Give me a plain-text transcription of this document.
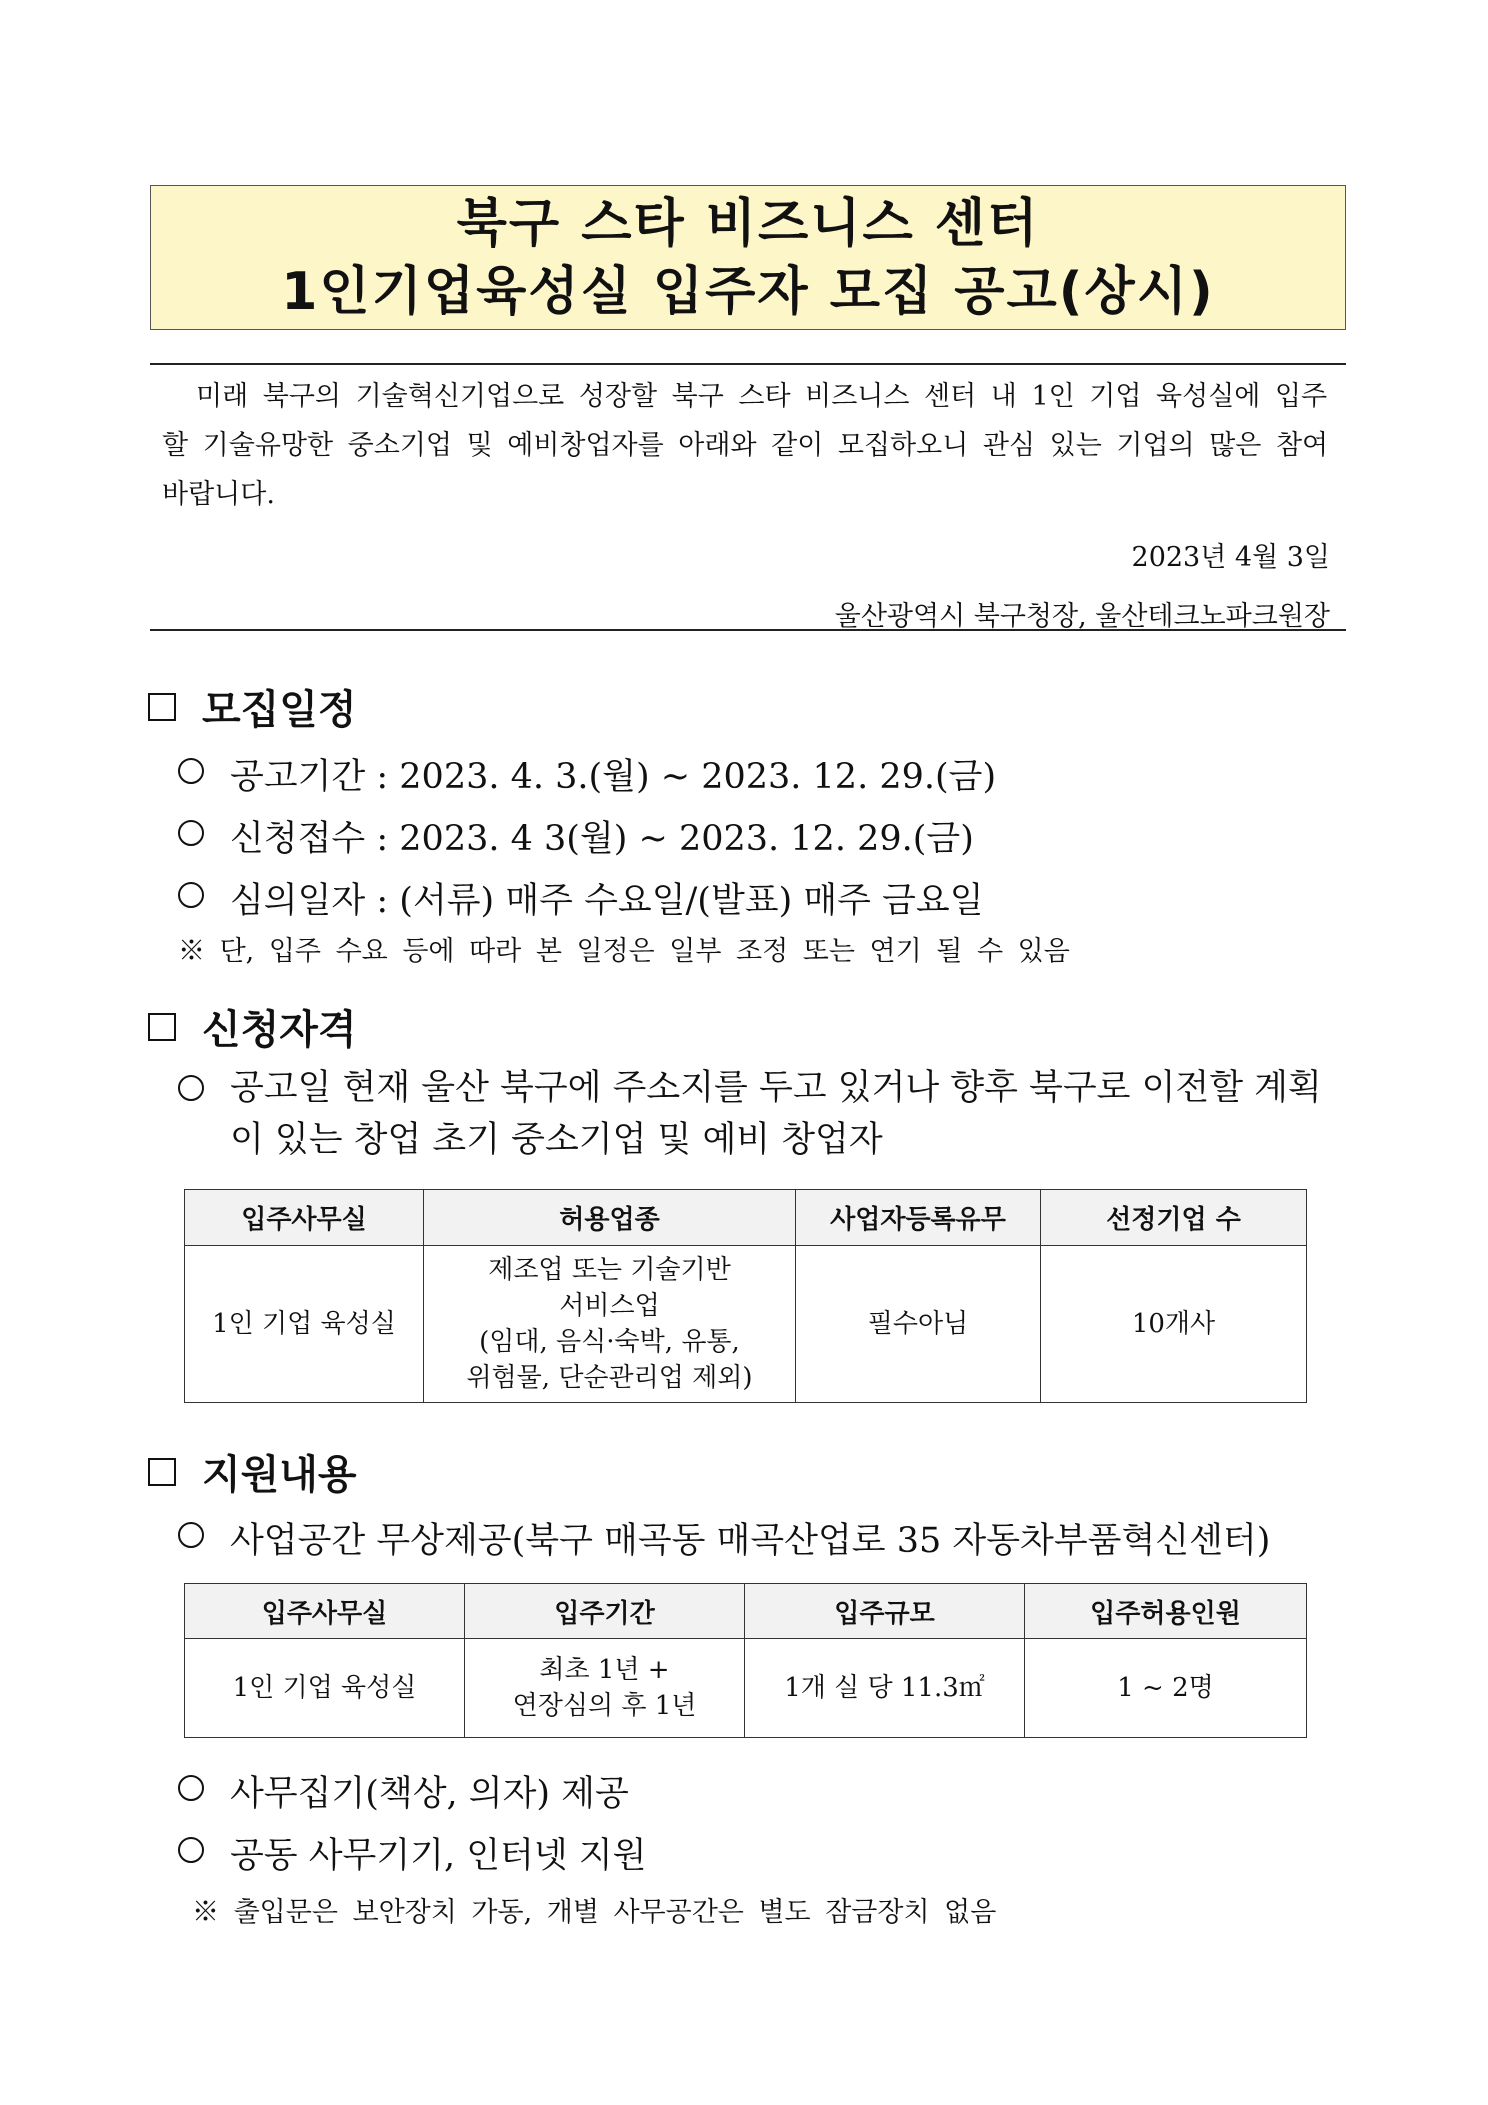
북구 스타 비즈니스 센터
1인기업육성실 입주자 모집 공고(상시)
미래 북구의 기술혁신기업으로 성장할 북구 스타 비즈니스 센터 내 1인 기업 육성실에 입주할 기술유망한 중소기업 및 예비창업자를 아래와 같이 모집하오니 관심 있는 기업의 많은 참여 바랍니다.
2023년 4월 3일
울산광역시 북구청장, 울산테크노파크원장
모집일정
공고기간 : 2023. 4. 3.(월) ~ 2023. 12. 29.(금)
신청접수 : 2023. 4 3(월) ~ 2023. 12. 29.(금)
심의일자 : (서류) 매주 수요일/(발표) 매주 금요일
※ 단, 입주 수요 등에 따라 본 일정은 일부 조정 또는 연기 될 수 있음
신청자격
공고일 현재 울산 북구에 주소지를 두고 있거나 향후 북구로 이전할 계획이 있는 창업 초기 중소기업 및 예비 창업자
입주사무실	허용업종	사업자등록유무	선정기업 수
1인 기업 육성실	제조업 또는 기술기반
서비스업
(임대, 음식·숙박, 유통,
위험물, 단순관리업 제외)	필수아님	10개사
지원내용
사업공간 무상제공(북구 매곡동 매곡산업로 35 자동차부품혁신센터)
입주사무실	입주기간	입주규모	입주허용인원
1인 기업 육성실	최초 1년 +
연장심의 후 1년	1개 실 당 11.3㎡	1 ~ 2명
사무집기(책상, 의자) 제공
공동 사무기기, 인터넷 지원
※ 출입문은 보안장치 가동, 개별 사무공간은 별도 잠금장치 없음
